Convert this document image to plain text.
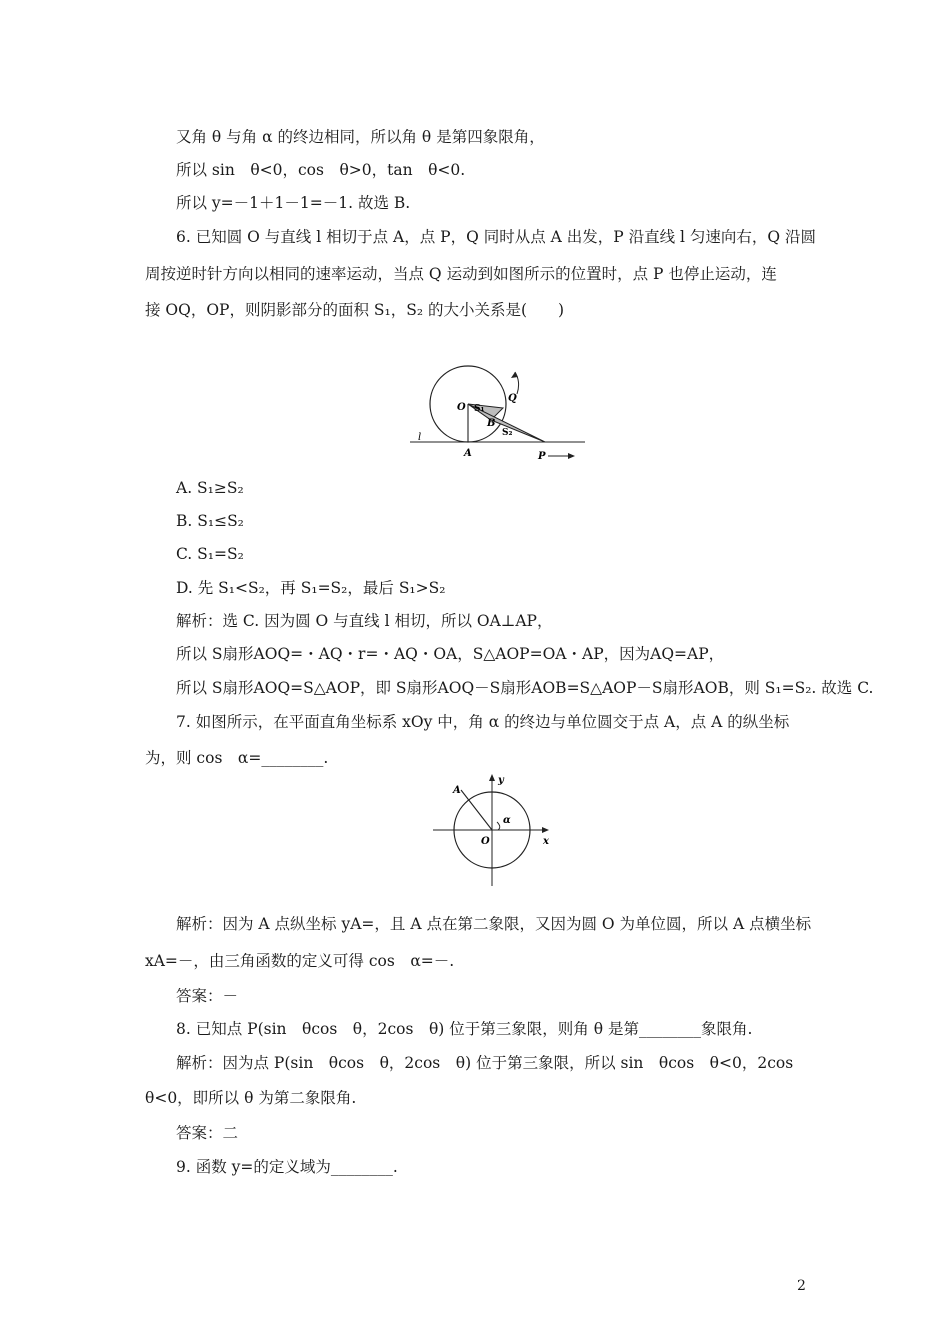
又角 θ 与角 α 的终边相同，所以角 θ 是第四象限角，
所以 sin　θ<0，cos　θ>0，tan　θ<0.
所以 y=－1＋1－1=－1. 故选 B.
6. 已知圆 O 与直线 l 相切于点 A，点 P，Q 同时从点 A 出发，P 沿直线 l 匀速向右，Q 沿圆
周按逆时针方向以相同的速率运动，当点 Q 运动到如图所示的位置时，点 P 也停止运动，连
接 OQ，OP，则阴影部分的面积 S₁，S₂ 的大小关系是(　　)
O
Q
S₁
B
S₂
l
A	P
A. S₁≥S₂
B. S₁≤S₂
C. S₁=S₂
D. 先 S₁<S₂，再 S₁=S₂，最后 S₁>S₂
解析：选 C. 因为圆 O 与直线 l 相切，所以 OA⊥AP，
所以 S扇形AOQ=・AQ・r=・AQ・OA，S△AOP=OA・AP，因为AQ=AP，
所以 S扇形AOQ=S△AOP，即 S扇形AOQ－S扇形AOB=S△AOP－S扇形AOB，则 S₁=S₂. 故选 C.
7. 如图所示，在平面直角坐标系 xOy 中，角 α 的终边与单位圆交于点 A，点 A 的纵坐标
为，则 cos　α=________.
y
A
α
O	x
解析：因为 A 点纵坐标 yA=，且 A 点在第二象限，又因为圆 O 为单位圆，所以 A 点横坐标
xA=－，由三角函数的定义可得 cos　α=－.
答案：－
8. 已知点 P(sin　θcos　θ，2cos　θ) 位于第三象限，则角 θ 是第________象限角.
解析：因为点 P(sin　θcos　θ，2cos　θ) 位于第三象限，所以 sin　θcos　θ<0，2cos
θ<0，即所以 θ 为第二象限角.
答案：二
9. 函数 y=的定义域为________.
2
